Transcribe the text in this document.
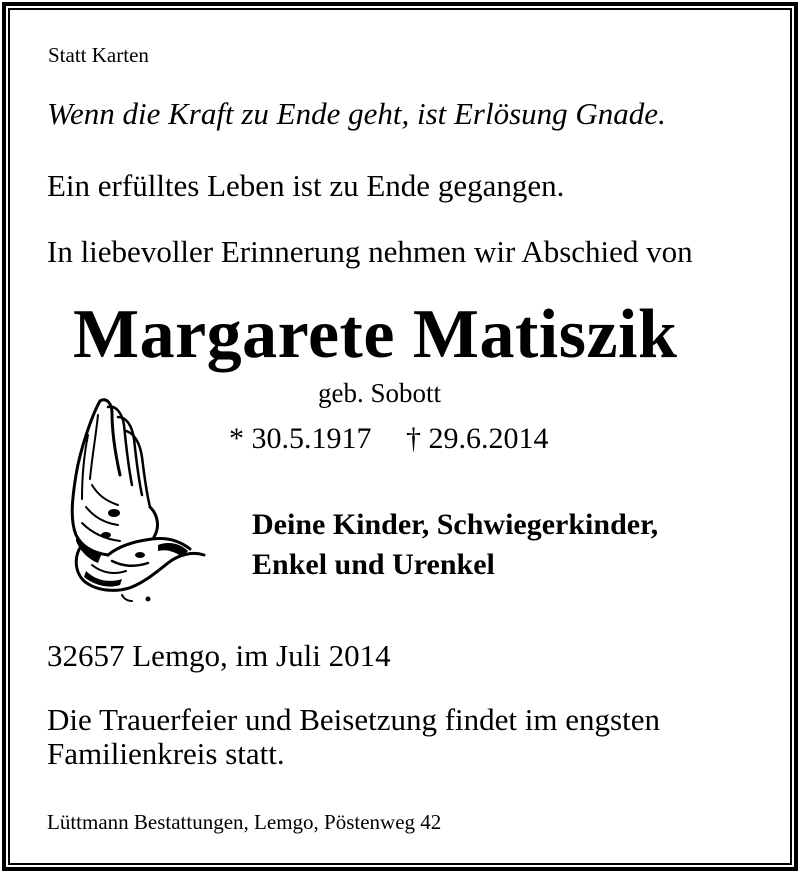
Statt Karten
Wenn die Kraft zu Ende geht, ist Erlösung Gnade.
Ein erfülltes Leben ist zu Ende gegangen.
In liebevoller Erinnerung nehmen wir Abschied von
Margarete Matiszik
geb. Sobott
* 30.5.1917 † 29.6.2014
Deine Kinder, Schwiegerkinder,
Enkel und Urenkel
32657 Lemgo, im Juli 2014
Die Trauerfeier und Beisetzung findet im engsten
Familienkreis statt.
Lüttmann Bestattungen, Lemgo, Pöstenweg 42
